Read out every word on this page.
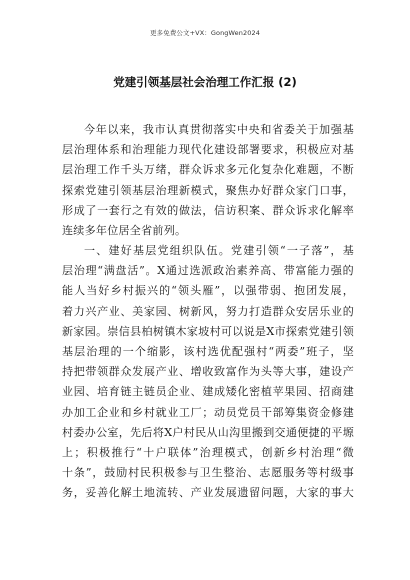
更多免费公文+VX：GongWen2024
党建引领基层社会治理工作汇报 (2)
今年以来，我市认真贯彻落实中央和省委关于加强基
层治理体系和治理能力现代化建设部署要求，积极应对基
层治理工作千头万绪，群众诉求多元化复杂化难题，不断
探索党建引领基层治理新模式，聚焦办好群众家门口事，
形成了一套行之有效的做法，信访积案、群众诉求化解率
连续多年位居全省前列。
一、建好基层党组织队伍。党建引领“一子落”，基
层治理“满盘活”。X通过选派政治素养高、带富能力强的
能人当好乡村振兴的“领头雁”，以强带弱、抱团发展，
着力兴产业、美家园、树新风，努力打造群众安居乐业的
新家园。崇信县柏树镇木家坡村可以说是X市探索党建引领
基层治理的一个缩影，该村选优配强村“两委”班子，坚
持把带领群众发展产业、增收致富作为头等大事，建设产
业园、培育链主链员企业、建成矮化密植苹果园、招商建
办加工企业和乡村就业工厂；动员党员干部筹集资金修建
村委办公室，先后将X户村民从山沟里搬到交通便捷的平塬
上；积极推行“十户联体”治理模式，创新乡村治理“微
十条”，鼓励村民积极参与卫生整治、志愿服务等村级事
务，妥善化解土地流转、产业发展遗留问题，大家的事大
